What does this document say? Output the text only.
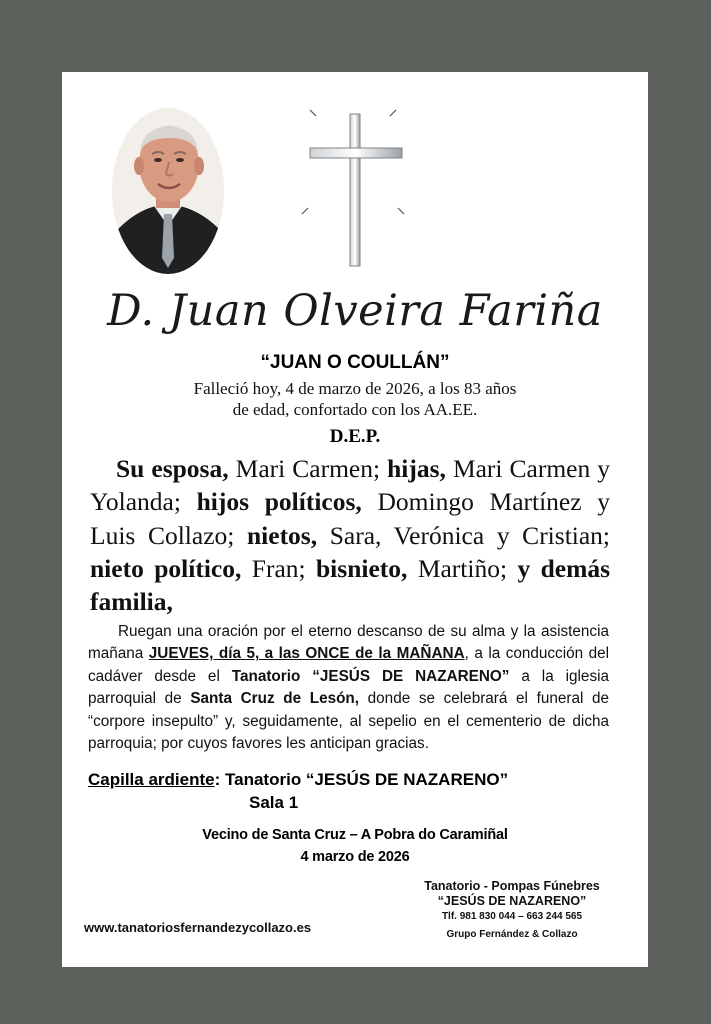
D. Juan Olveira Fariña
“JUAN O COULLÁN”
Falleció hoy, 4 de marzo de 2026, a los 83 años
de edad, confortado con los AA.EE.
D.E.P.
Su esposa, Mari Carmen; hijas, Mari Carmen y Yolanda; hijos políticos, Domingo Martínez y Luis Collazo; nietos, Sara, Verónica y Cristian; nieto político, Fran; bisnieto, Martiño; y demás familia,
Ruegan una oración por el eterno descanso de su alma y la asistencia mañana JUEVES, día 5, a las ONCE de la MAÑANA, a la conducción del cadáver desde el Tanatorio “JESÚS DE NAZARENO” a la iglesia parroquial de Santa Cruz de Lesón, donde se celebrará el funeral de “corpore insepulto” y, seguidamente, al sepelio en el cementerio de dicha parroquia; por cuyos favores les anticipan gracias.
Capilla ardiente: Tanatorio “JESÚS DE NAZARENO”
Sala 1
Vecino de Santa Cruz – A Pobra do Caramiñal
4 marzo de 2026
Tanatorio - Pompas Fúnebres
“JESÚS DE NAZARENO”
Tlf. 981 830 044 – 663 244 565
Grupo Fernández & Collazo
www.tanatoriosfernandezycollazo.es
